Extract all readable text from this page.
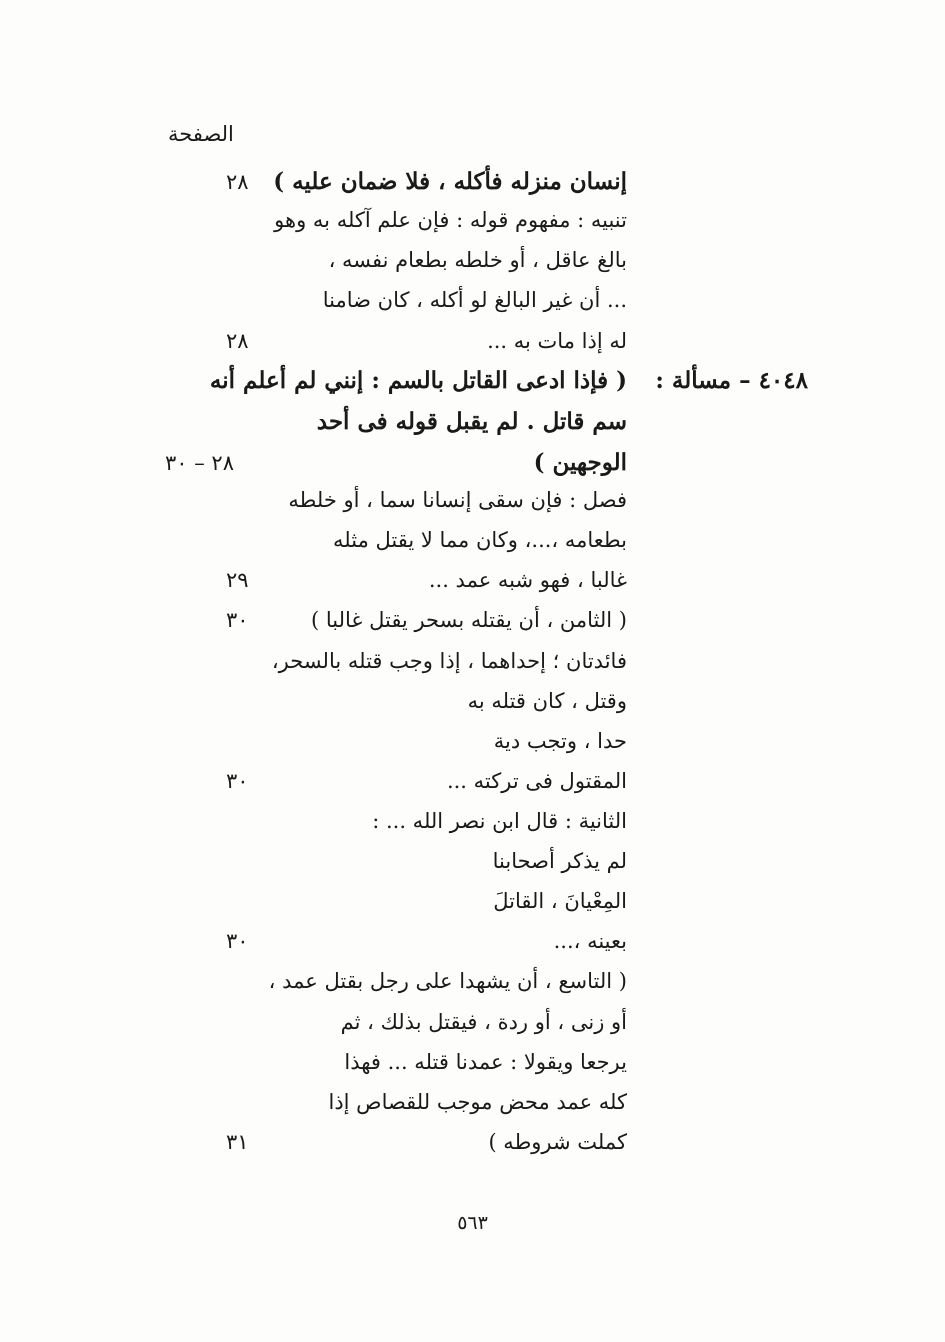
الصفحة
٤٠٤٨ – مسألة :
إنسان منزله فأكله ، فلا ضمان عليه )
تنبيه : مفهوم قوله : فإن علم آكله به وهو
بالغ عاقل ، أو خلطه بطعام نفسه ،
... أن غير البالغ لو أكله ، كان ضامنا
له إذا مات به ...
( فإذا ادعى القاتل بالسم : إنني لم أعلم أنه
سم قاتل . لم يقبل قوله فى أحد
الوجهين )
فصل : فإن سقى إنسانا سما ، أو خلطه
بطعامه ،...، وكان مما لا يقتل مثله
غالبا ، فهو شبه عمد ...
( الثامن ، أن يقتله بسحر يقتل غالبا )
فائدتان ؛ إحداهما ، إذا وجب قتله بالسحر،
وقتل ، كان قتله به
حدا ، وتجب دية
المقتول فى تركته ...
الثانية : قال ابن نصر الله ... :
لم يذكر أصحابنا
المِعْيانَ ، القاتلَ
بعينه ،...
( التاسع ، أن يشهدا على رجل بقتل عمد ،
أو زنى ، أو ردة ، فيقتل بذلك ، ثم
يرجعا ويقولا : عمدنا قتله ... فهذا
كله عمد محض موجب للقصاص إذا
كملت شروطه )
٢٨
٢٨
٢٨ – ٣٠
٢٩
٣٠
٣٠
٣٠
٣١
٥٦٣
